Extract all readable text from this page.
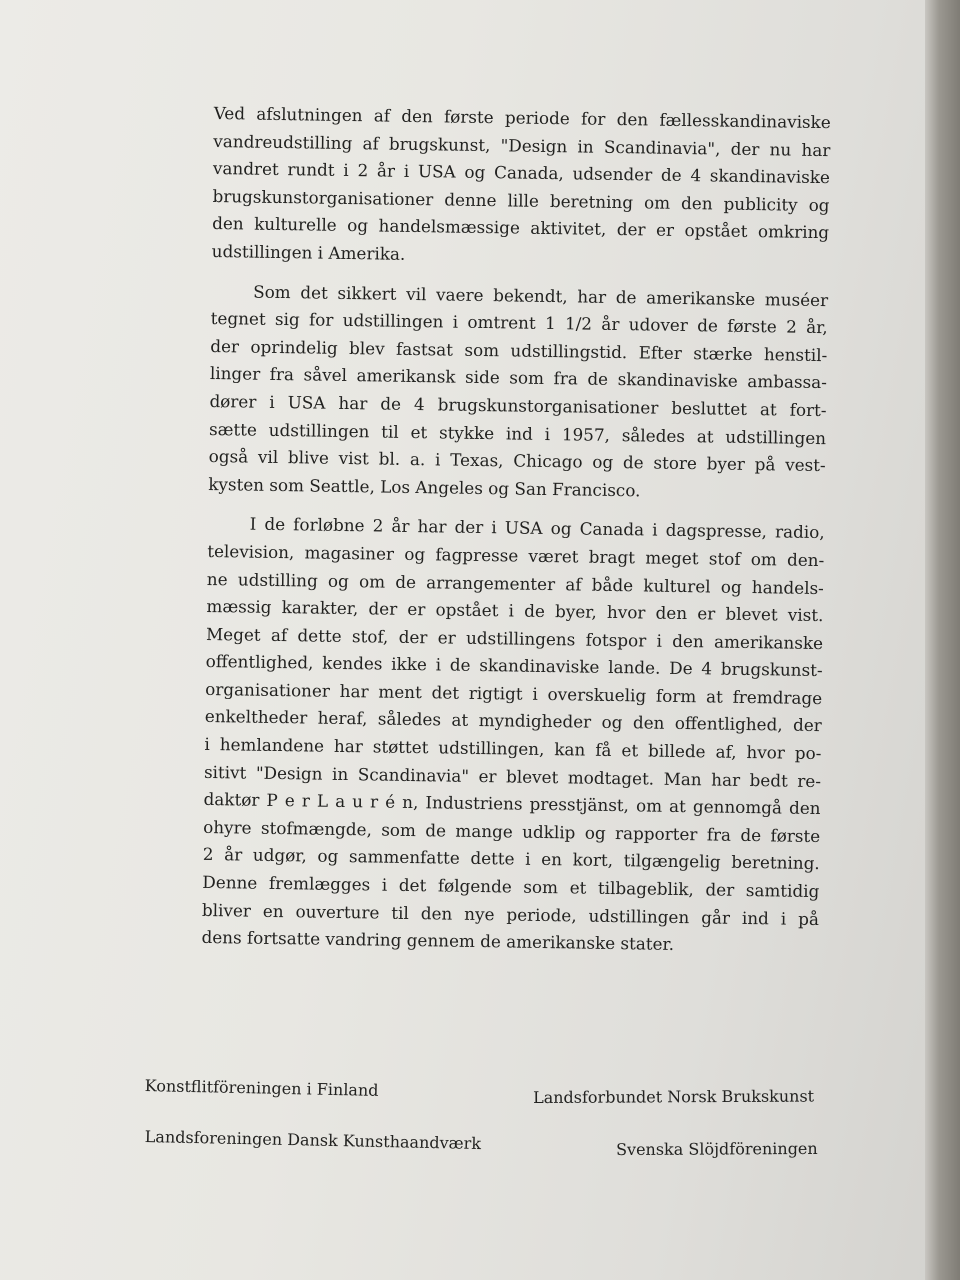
Ved afslutningen af den første periode for den fællesskandinaviske
vandreudstilling af brugskunst, "Design in Scandinavia", der nu har
vandret rundt i 2 år i USA og Canada, udsender de 4 skandinaviske
brugskunstorganisationer denne lille beretning om den publicity og
den kulturelle og handelsmæssige aktivitet, der er opstået omkring
udstillingen i Amerika.

Som det sikkert vil vaere bekendt, har de amerikanske muséer
tegnet sig for udstillingen i omtrent 1 1/2 år udover de første 2 år,
der oprindelig blev fastsat som udstillingstid. Efter stærke henstil-
linger fra såvel amerikansk side som fra de skandinaviske ambassa-
dører i USA har de 4 brugskunstorganisationer besluttet at fort-
sætte udstillingen til et stykke ind i 1957, således at udstillingen
også vil blive vist bl. a. i Texas, Chicago og de store byer på vest-
kysten som Seattle, Los Angeles og San Francisco.

I de forløbne 2 år har der i USA og Canada i dagspresse, radio,
television, magasiner og fagpresse været bragt meget stof om den-
ne udstilling og om de arrangementer af både kulturel og handels-
mæssig karakter, der er opstået i de byer, hvor den er blevet vist.
Meget af dette stof, der er udstillingens fotspor i den amerikanske
offentlighed, kendes ikke i de skandinaviske lande. De 4 brugskunst-
organisationer har ment det rigtigt i overskuelig form at fremdrage
enkeltheder heraf, således at myndigheder og den offentlighed, der
i hemlandene har støttet udstillingen, kan få et billede af, hvor po-
sitivt "Design in Scandinavia" er blevet modtaget. Man har bedt re-
daktør P e r L a u r é n, Industriens presstjänst, om at gennomgå den
ohyre stofmængde, som de mange udklip og rapporter fra de første
2 år udgør, og sammenfatte dette i en kort, tilgængelig beretning.
Denne fremlægges i det følgende som et tilbageblik, der samtidig
bliver en ouverture til den nye periode, udstillingen går ind i på
dens fortsatte vandring gennem de amerikanske stater.

Konstflitföreningen i Finland
Landsforeningen Dansk Kunsthaandværk
Landsforbundet Norsk Brukskunst
Svenska Slöjdföreningen
